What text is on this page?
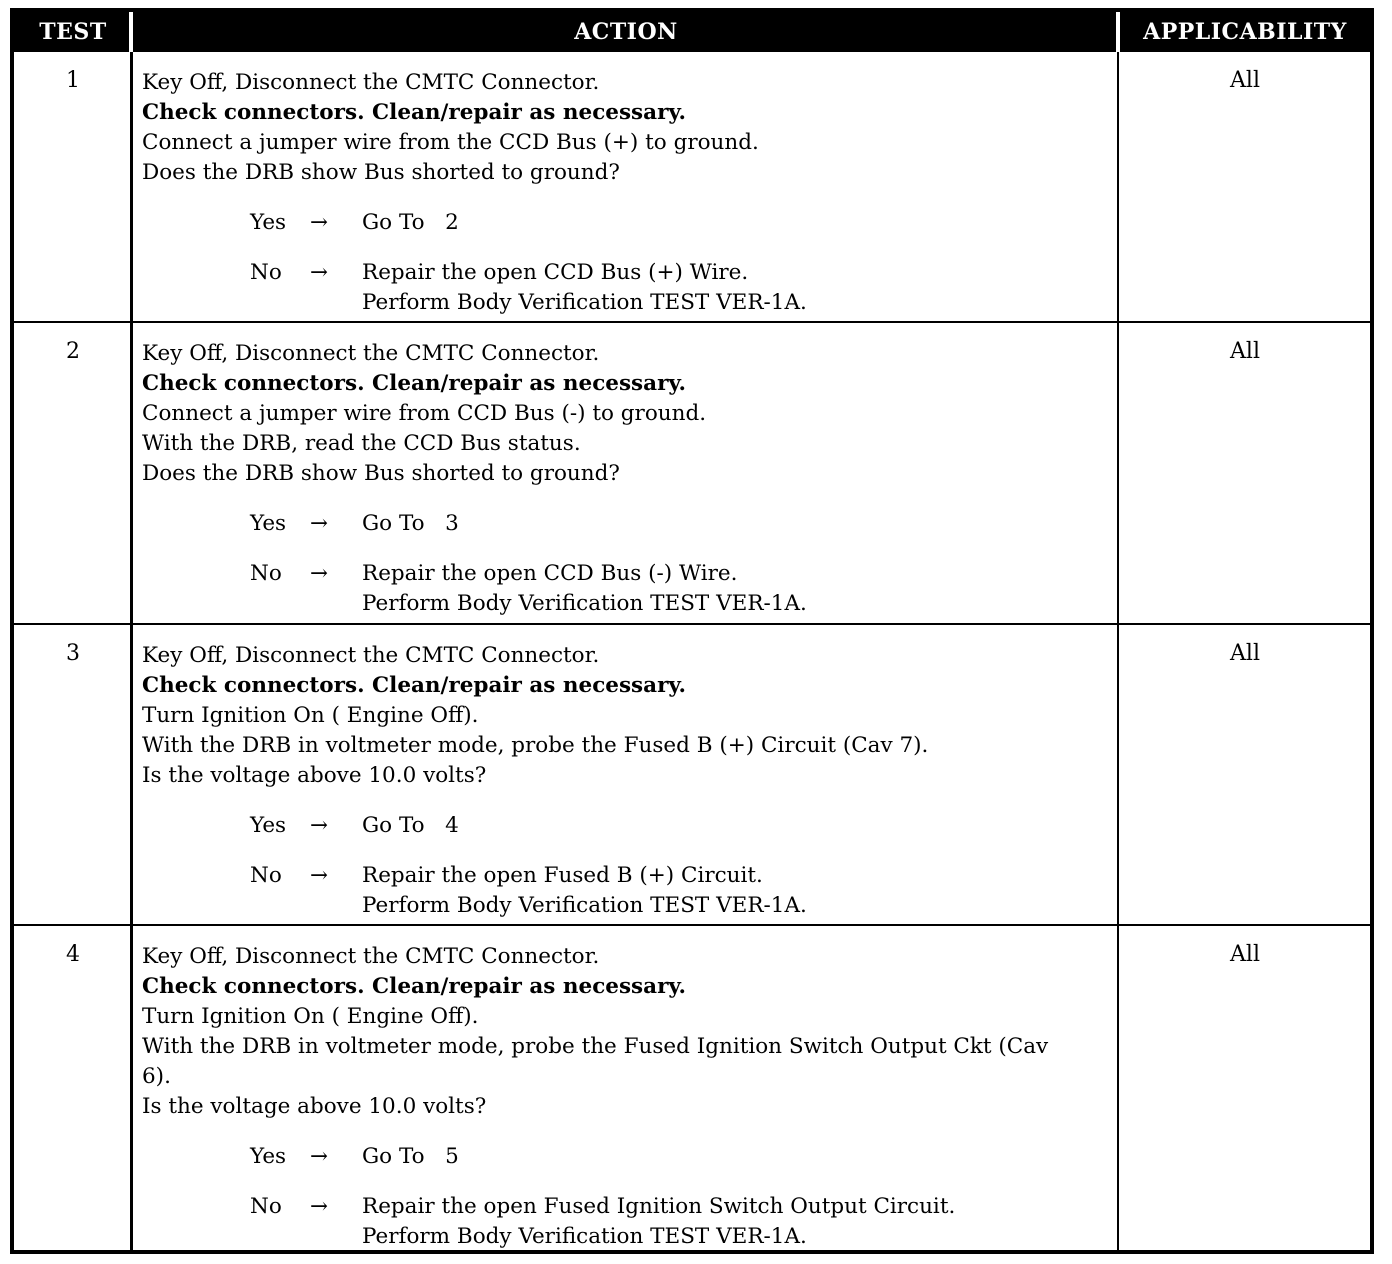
TEST	ACTION	APPLICABILITY
1	Key Off, Disconnect the CMTC Connector.
Check connectors. Clean/repair as necessary.
Connect a jumper wire from the CCD Bus (+) to ground.
Does the DRB show Bus shorted to ground?
Yes	→	Go To   2
No	→	Repair the open CCD Bus (+) Wire.
Perform Body Verification TEST VER-1A.
All
2	Key Off, Disconnect the CMTC Connector.
Check connectors. Clean/repair as necessary.
Connect a jumper wire from CCD Bus (-) to ground.
With the DRB, read the CCD Bus status.
Does the DRB show Bus shorted to ground?
Yes	→	Go To   3
No	→	Repair the open CCD Bus (-) Wire.
Perform Body Verification TEST VER-1A.
All
3	Key Off, Disconnect the CMTC Connector.
Check connectors. Clean/repair as necessary.
Turn Ignition On ( Engine Off).
With the DRB in voltmeter mode, probe the Fused B (+) Circuit (Cav 7).
Is the voltage above 10.0 volts?
Yes	→	Go To   4
No	→	Repair the open Fused B (+) Circuit.
Perform Body Verification TEST VER-1A.
All
4	Key Off, Disconnect the CMTC Connector.
Check connectors. Clean/repair as necessary.
Turn Ignition On ( Engine Off).
With the DRB in voltmeter mode, probe the Fused Ignition Switch Output Ckt (Cav
6).
Is the voltage above 10.0 volts?
Yes	→	Go To   5
No	→	Repair the open Fused Ignition Switch Output Circuit.
Perform Body Verification TEST VER-1A.
All
